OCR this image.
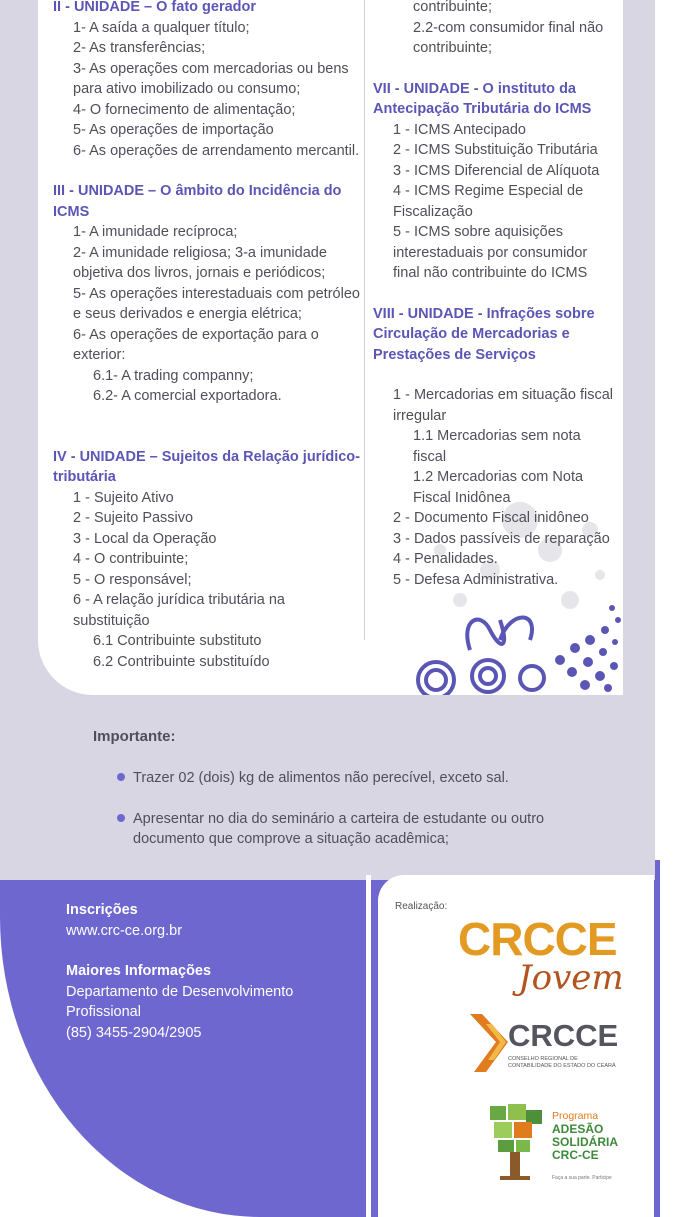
II - UNIDADE – O fato gerador
1- A saída a qualquer título;
2- As transferências;
3- As operações com mercadorias ou bens
para ativo imobilizado ou consumo;
4- O fornecimento de alimentação;
5- As operações de importação
6- As operações de arrendamento mercantil.
III - UNIDADE – O âmbito do Incidência do ICMS
1- A imunidade recíproca;
2- A imunidade religiosa; 3-a imunidade
objetiva dos livros, jornais e periódicos;
5- As operações interestaduais com petróleo
e seus derivados e energia elétrica;
6- As operações de exportação para o
exterior:
6.1- A trading companny;
6.2- A comercial exportadora.
IV - UNIDADE – Sujeitos da Relação jurídico-
tributária
1 - Sujeito Ativo
2 - Sujeito Passivo
3 - Local da Operação
4 - O contribuinte;
5 - O responsável;
6 - A relação jurídica tributária na
substituição
6.1 Contribuinte substituto
6.2 Contribuinte substituído
contribuinte;
2.2-com consumidor final não
contribuinte;
VII - UNIDADE - O instituto da
Antecipação Tributária do ICMS
1 - ICMS Antecipado
2 - ICMS Substituição Tributária
3 - ICMS Diferencial de Alíquota
4 - ICMS Regime Especial de
Fiscalização
5 - ICMS sobre aquisições
interestaduais por consumidor
final não contribuinte do ICMS
VIII - UNIDADE - Infrações sobre
Circulação de Mercadorias e
Prestações de Serviços
1 - Mercadorias em situação fiscal
irregular
1.1 Mercadorias sem nota
fiscal
1.2 Mercadorias com Nota
Fiscal Inidônea
2 - Documento Fiscal inidôneo
3 - Dados passíveis de reparação
4 - Penalidades.
5 - Defesa Administrativa.
Importante:
Trazer 02 (dois) kg de alimentos não perecível, exceto sal.
Apresentar no dia do seminário a carteira de estudante ou outro
documento que comprove a situação acadêmica;
Inscrições
www.crc-ce.org.br
Maiores Informações
Departamento de Desenvolvimento
Profissional
(85) 3455-2904/2905
Realização:
CRCCE
Jovem
CRCCE
CONSELHO REGIONAL DE CONTABILIDADE DO ESTADO DO CEARÁ
Programa
ADESÃO
SOLIDÁRIA
CRC-CE
Faça a sua parte. Participe
